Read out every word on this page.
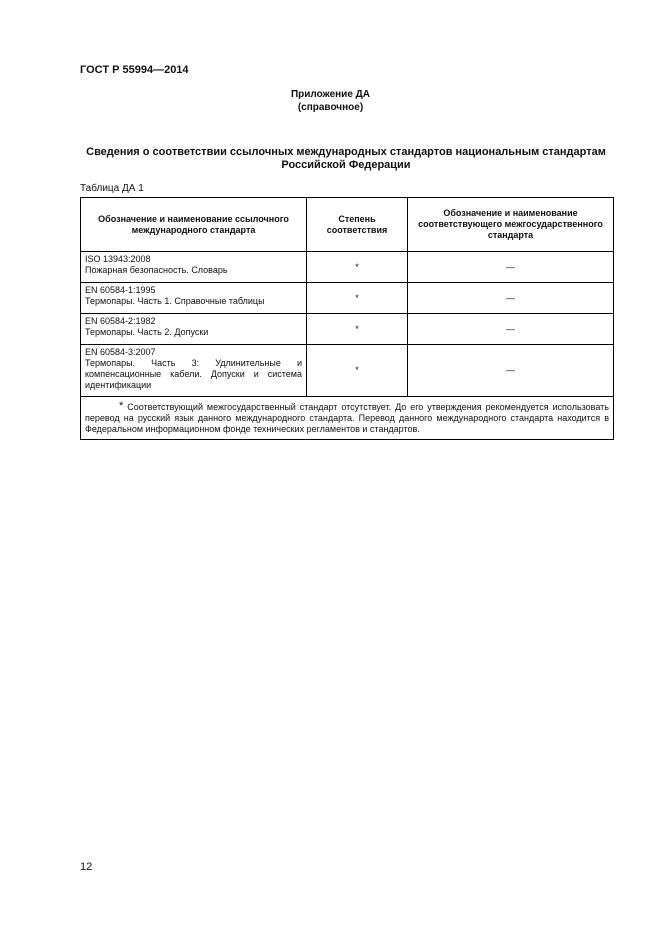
ГОСТ Р 55994—2014
Приложение ДА
(справочное)
Сведения о соответствии ссылочных международных стандартов национальным стандартам Российской Федерации
Таблица ДА 1
Обозначение и наименование ссылочного международного стандарта	Степень соответствия	Обозначение и наименование соответствующего межгосударственного стандарта

ISO 13943:2008
Пожарная безопасность. Словарь	*	—

EN 60584-1:1995
Термопары. Часть 1. Справочные таблицы	*	—

EN 60584-2:1982
Термопары. Часть 2. Допуски	*	—

EN 60584-3:2007
Термопары. Часть 3: Удлинительные и компенсационные кабели. Допуски и система идентификации	*	—
* Соответствующий межгосударственный стандарт отсутствует. До его утверждения рекомендуется использовать перевод на русский язык данного международного стандарта. Перевод данного международного стандарта находится в Федеральном информационном фонде технических регламентов и стандартов.		
12
